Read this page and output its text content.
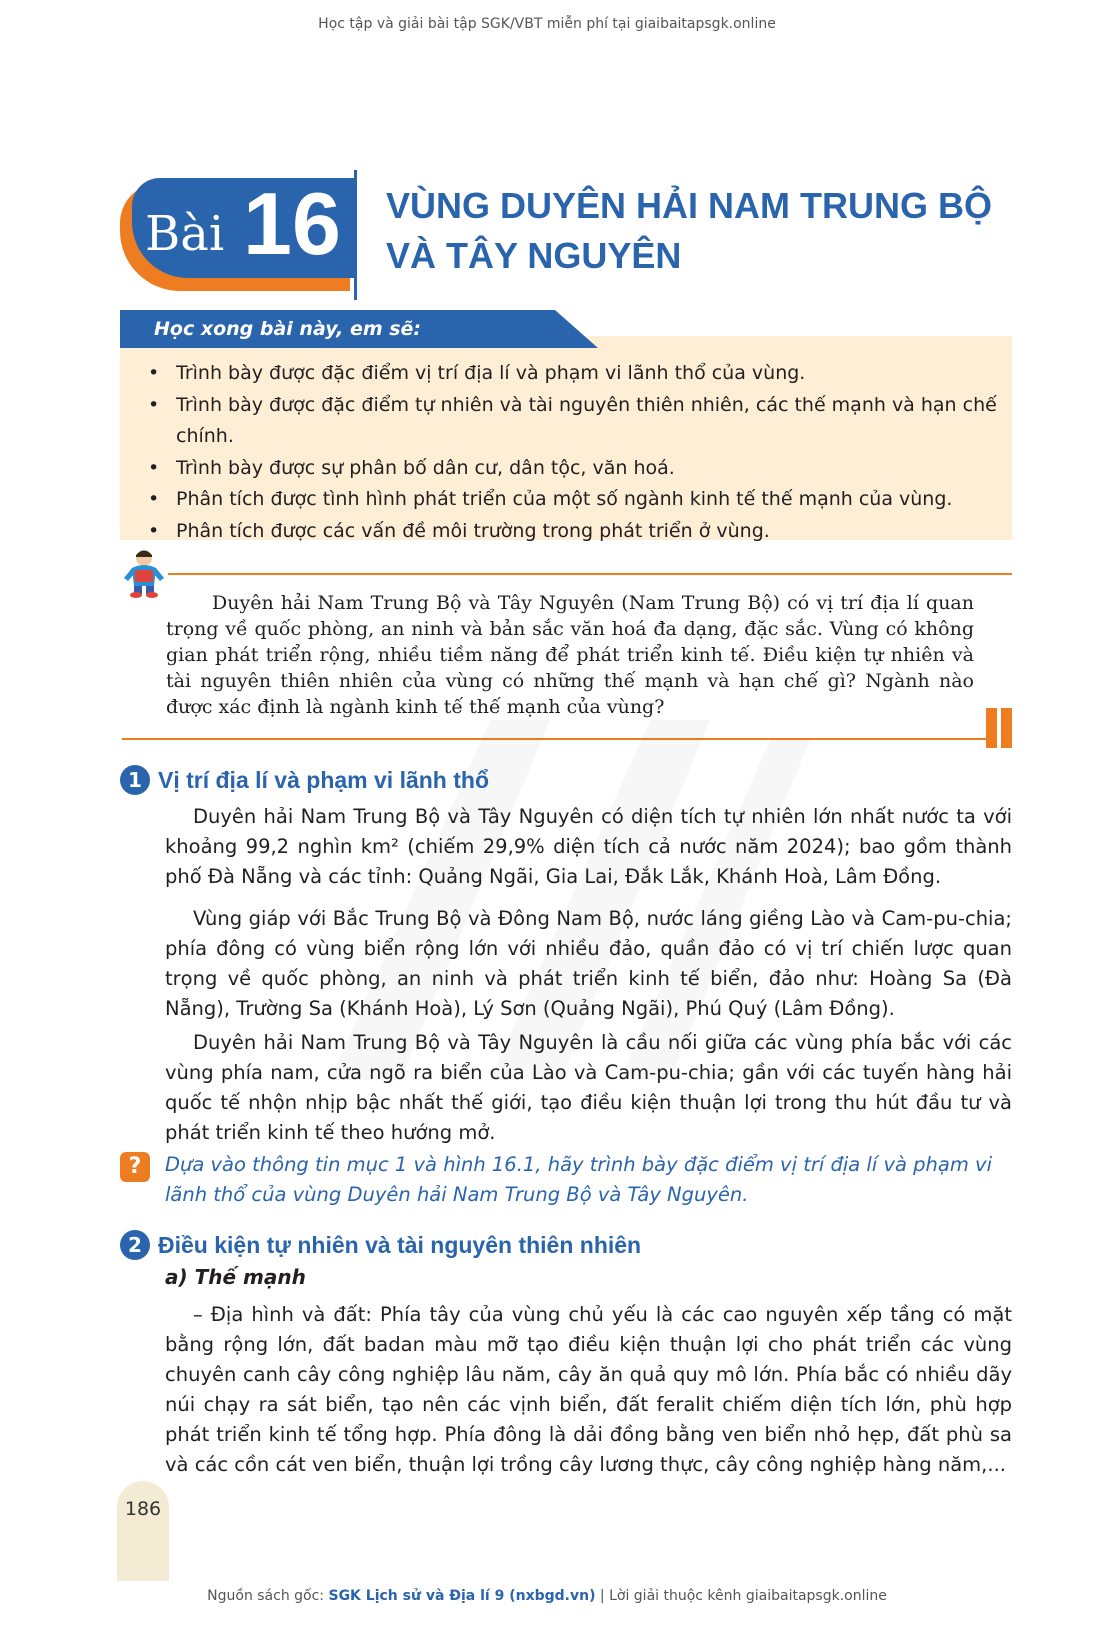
Học tập và giải bài tập SGK/VBT miễn phí tại giaibaitapsgk.online
Bài 16 VÙNG DUYÊN HẢI NAM TRUNG BỘ
VÀ TÂY NGUYÊN
Học xong bài này, em sẽ:
• Trình bày được đặc điểm vị trí địa lí và phạm vi lãnh thổ của vùng.
• Trình bày được đặc điểm tự nhiên và tài nguyên thiên nhiên, các thế mạnh và hạn chế chính.
• Trình bày được sự phân bố dân cư, dân tộc, văn hoá.
• Phân tích được tình hình phát triển của một số ngành kinh tế thế mạnh của vùng.
• Phân tích được các vấn đề môi trường trong phát triển ở vùng.
Duyên hải Nam Trung Bộ và Tây Nguyên (Nam Trung Bộ) có vị trí địa lí quan trọng về quốc phòng, an ninh và bản sắc văn hoá đa dạng, đặc sắc. Vùng có không gian phát triển rộng, nhiều tiềm năng để phát triển kinh tế. Điều kiện tự nhiên và tài nguyên thiên nhiên của vùng có những thế mạnh và hạn chế gì? Ngành nào được xác định là ngành kinh tế thế mạnh của vùng?
1 Vị trí địa lí và phạm vi lãnh thổ

Duyên hải Nam Trung Bộ và Tây Nguyên có diện tích tự nhiên lớn nhất nước ta với khoảng 99,2 nghìn km² (chiếm 29,9% diện tích cả nước năm 2024); bao gồm thành phố Đà Nẵng và các tỉnh: Quảng Ngãi, Gia Lai, Đắk Lắk, Khánh Hoà, Lâm Đồng.

Vùng giáp với Bắc Trung Bộ và Đông Nam Bộ, nước láng giềng Lào và Cam-pu-chia; phía đông có vùng biển rộng lớn với nhiều đảo, quần đảo có vị trí chiến lược quan trọng về quốc phòng, an ninh và phát triển kinh tế biển, đảo như: Hoàng Sa (Đà Nẵng), Trường Sa (Khánh Hoà), Lý Sơn (Quảng Ngãi), Phú Quý (Lâm Đồng).

Duyên hải Nam Trung Bộ và Tây Nguyên là cầu nối giữa các vùng phía bắc với các vùng phía nam, cửa ngõ ra biển của Lào và Cam-pu-chia; gần với các tuyến hàng hải quốc tế nhộn nhịp bậc nhất thế giới, tạo điều kiện thuận lợi trong thu hút đầu tư và phát triển kinh tế theo hướng mở.

?	Dựa vào thông tin mục 1 và hình 16.1, hãy trình bày đặc điểm vị trí địa lí và phạm vi lãnh thổ của vùng Duyên hải Nam Trung Bộ và Tây Nguyên.
2 Điều kiện tự nhiên và tài nguyên thiên nhiên
a) Thế mạnh

– Địa hình và đất: Phía tây của vùng chủ yếu là các cao nguyên xếp tầng có mặt bằng rộng lớn, đất badan màu mỡ tạo điều kiện thuận lợi cho phát triển các vùng chuyên canh cây công nghiệp lâu năm, cây ăn quả quy mô lớn. Phía bắc có nhiều dãy núi chạy ra sát biển, tạo nên các vịnh biển, đất feralit chiếm diện tích lớn, phù hợp phát triển kinh tế tổng hợp. Phía đông là dải đồng bằng ven biển nhỏ hẹp, đất phù sa và các cồn cát ven biển, thuận lợi trồng cây lương thực, cây công nghiệp hàng năm,...

186
Nguồn sách gốc: SGK Lịch sử và Địa lí 9 (nxbgd.vn) | Lời giải thuộc kênh giaibaitapsgk.online
